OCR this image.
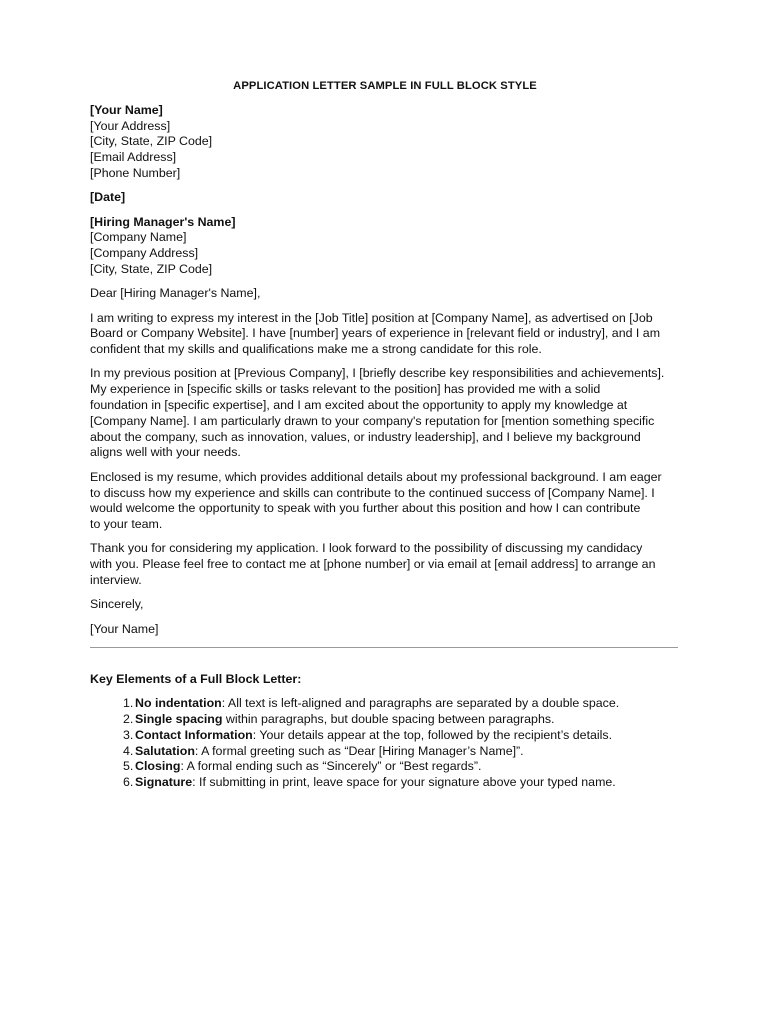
APPLICATION LETTER SAMPLE IN FULL BLOCK STYLE
[Your Name]
[Your Address]
[City, State, ZIP Code]
[Email Address]
[Phone Number]
[Date]
[Hiring Manager's Name]
[Company Name]
[Company Address]
[City, State, ZIP Code]

Dear [Hiring Manager's Name],

I am writing to express my interest in the [Job Title] position at [Company Name], as advertised on [Job
Board or Company Website]. I have [number] years of experience in [relevant field or industry], and I am
confident that my skills and qualifications make me a strong candidate for this role.

In my previous position at [Previous Company], I [briefly describe key responsibilities and achievements].
My experience in [specific skills or tasks relevant to the position] has provided me with a solid
foundation in [specific expertise], and I am excited about the opportunity to apply my knowledge at
[Company Name]. I am particularly drawn to your company's reputation for [mention something specific
about the company, such as innovation, values, or industry leadership], and I believe my background
aligns well with your needs.

Enclosed is my resume, which provides additional details about my professional background. I am eager
to discuss how my experience and skills can contribute to the continued success of [Company Name]. I
would welcome the opportunity to speak with you further about this position and how I can contribute
to your team.

Thank you for considering my application. I look forward to the possibility of discussing my candidacy
with you. Please feel free to contact me at [phone number] or via email at [email address] to arrange an
interview.

Sincerely,

[Your Name]

Key Elements of a Full Block Letter:
1. No indentation: All text is left-aligned and paragraphs are separated by a double space.
2. Single spacing within paragraphs, but double spacing between paragraphs.
3. Contact Information: Your details appear at the top, followed by the recipient’s details.
4. Salutation: A formal greeting such as “Dear [Hiring Manager’s Name]”.
5. Closing: A formal ending such as “Sincerely” or “Best regards”.
6. Signature: If submitting in print, leave space for your signature above your typed name.
